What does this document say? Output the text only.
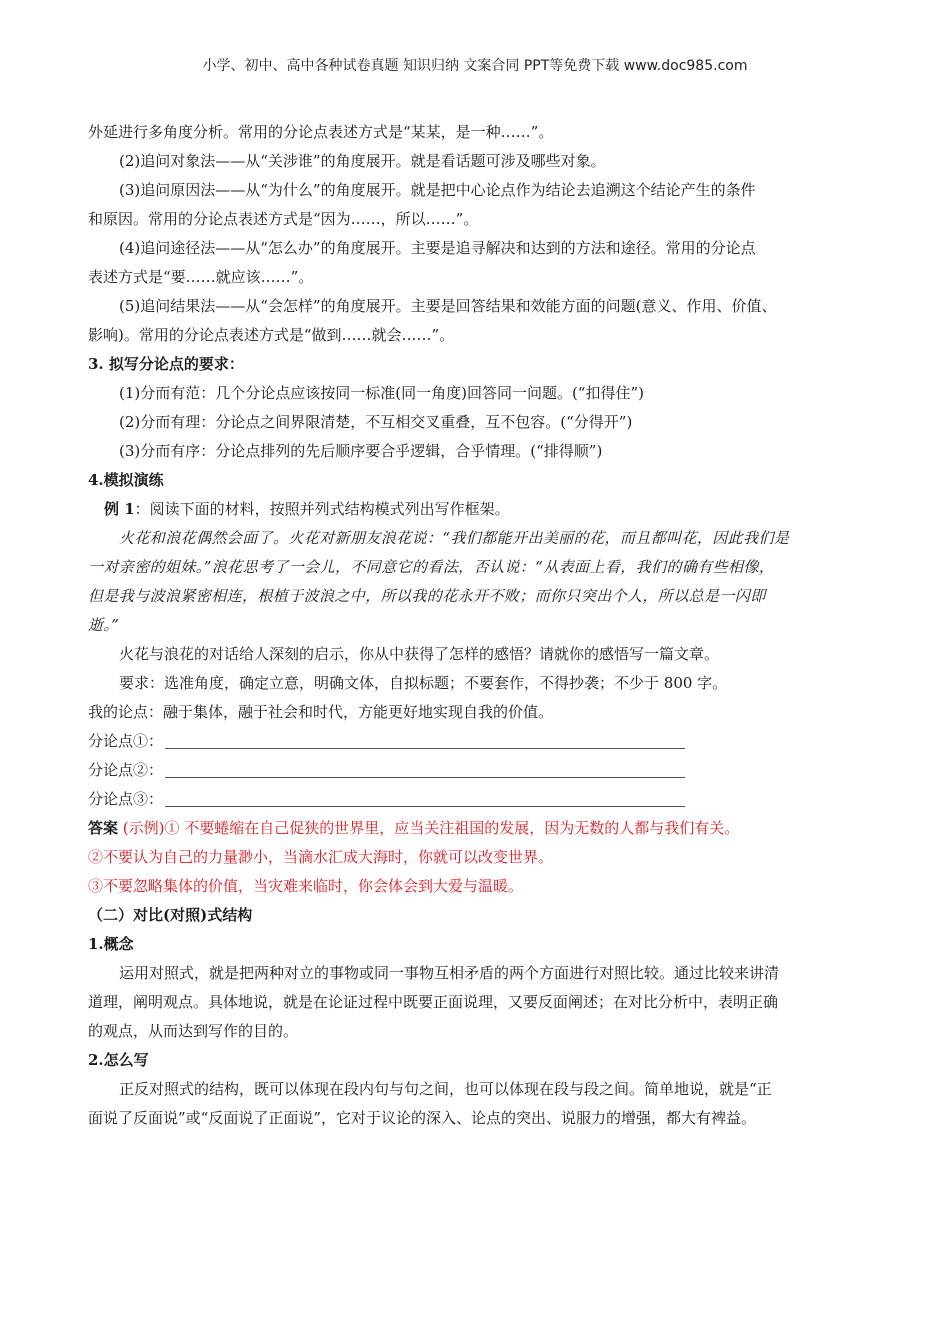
小学、初中、高中各种试卷真题 知识归纳 文案合同 PPT等免费下载 www.doc985.com
外延进行多角度分析。常用的分论点表述方式是“某某，是一种……”。
(2)追问对象法——从“关涉谁”的角度展开。就是看话题可涉及哪些对象。
(3)追问原因法——从“为什么”的角度展开。就是把中心论点作为结论去追溯这个结论产生的条件
和原因。常用的分论点表述方式是“因为……，所以……”。
(4)追问途径法——从“怎么办”的角度展开。主要是追寻解决和达到的方法和途径。常用的分论点
表述方式是“要……就应该……”。
(5)追问结果法——从“会怎样”的角度展开。主要是回答结果和效能方面的问题(意义、作用、价值、
影响)。常用的分论点表述方式是“做到……就会……”。
3. 拟写分论点的要求：
(1)分而有范：几个分论点应该按同一标准(同一角度)回答同一问题。(“扣得住”)
(2)分而有理：分论点之间界限清楚，不互相交叉重叠，互不包容。(“分得开”)
(3)分而有序：分论点排列的先后顺序要合乎逻辑，合乎情理。(“排得顺”)
4.模拟演练
例 1：阅读下面的材料，按照并列式结构模式列出写作框架。
火花和浪花偶然会面了。火花对新朋友浪花说：“我们都能开出美丽的花，而且都叫花，因此我们是
一对亲密的姐妹。”浪花思考了一会儿，不同意它的看法，否认说：“从表面上看，我们的确有些相像，
但是我与波浪紧密相连，根植于波浪之中，所以我的花永开不败；而你只突出个人，所以总是一闪即
逝。”
火花与浪花的对话给人深刻的启示，你从中获得了怎样的感悟？请就你的感悟写一篇文章。
要求：选准角度，确定立意，明确文体，自拟标题；不要套作，不得抄袭；不少于 800 字。
我的论点：融于集体，融于社会和时代，方能更好地实现自我的价值。
分论点①：
分论点②：
分论点③：
答案 (示例)① 不要蜷缩在自己促狭的世界里，应当关注祖国的发展，因为无数的人都与我们有关。
②不要认为自己的力量渺小，当滴水汇成大海时，你就可以改变世界。
③不要忽略集体的价值，当灾难来临时，你会体会到大爱与温暖。
（二）对比(对照)式结构
1.概念
运用对照式，就是把两种对立的事物或同一事物互相矛盾的两个方面进行对照比较。通过比较来讲清
道理，阐明观点。具体地说，就是在论证过程中既要正面说理，又要反面阐述；在对比分析中，表明正确
的观点，从而达到写作的目的。
2.怎么写
正反对照式的结构，既可以体现在段内句与句之间，也可以体现在段与段之间。简单地说，就是“正
面说了反面说”或“反面说了正面说”，它对于议论的深入、论点的突出、说服力的增强，都大有裨益。
